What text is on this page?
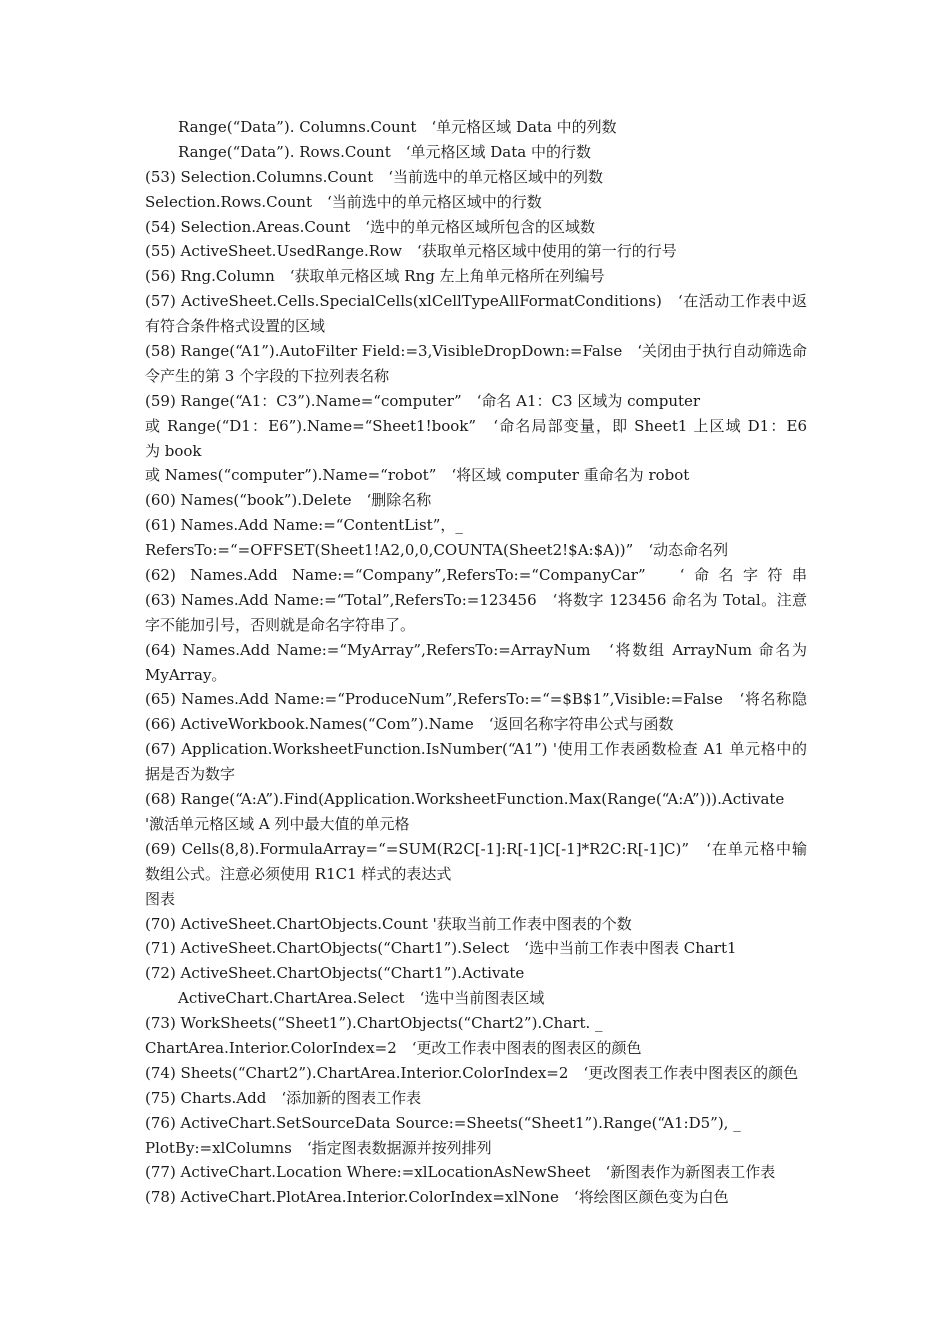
Range(“Data”). Columns.Count　‘单元格区域 Data 中的列数
Range(“Data”). Rows.Count　‘单元格区域 Data 中的行数
(53) Selection.Columns.Count　‘当前选中的单元格区域中的列数
Selection.Rows.Count　‘当前选中的单元格区域中的行数
(54) Selection.Areas.Count　‘选中的单元格区域所包含的区域数
(55) ActiveSheet.UsedRange.Row　‘获取单元格区域中使用的第一行的行号
(56) Rng.Column　‘获取单元格区域 Rng 左上角单元格所在列编号
(57) ActiveSheet.Cells.SpecialCells(xlCellTypeAllFormatConditions)　‘在活动工作表中返
有符合条件格式设置的区域
(58) Range(“A1”).AutoFilter Field:=3,VisibleDropDown:=False　‘关闭由于执行自动筛选命
令产生的第 3 个字段的下拉列表名称
(59) Range(“A1：C3”).Name=“computer”　‘命名 A1：C3 区域为 computer
或 Range(“D1：E6”).Name=“Sheet1!book”　‘命名局部变量，即 Sheet1 上区域 D1：E6
为 book
或 Names(“computer”).Name=“robot”　‘将区域 computer 重命名为 robot
(60) Names(“book”).Delete　‘删除名称
(61) Names.Add Name:=“ContentList”，_
RefersTo:=“=OFFSET(Sheet1!A2,0,0,COUNTA(Sheet2!$A:$A))”　‘动态命名列
(62) Names.Add Name:=“Company”,RefersTo:=“CompanyCar”　‘命名字符串
(63) Names.Add Name:=“Total”,RefersTo:=123456　‘将数字 123456 命名为 Total。注意
字不能加引号，否则就是命名字符串了。
(64) Names.Add Name:=“MyArray”,RefersTo:=ArrayNum　‘将数组 ArrayNum 命名为
MyArray。
(65) Names.Add Name:=“ProduceNum”,RefersTo:=“=$B$1”,Visible:=False　‘将名称隐
(66) ActiveWorkbook.Names(“Com”).Name　‘返回名称字符串公式与函数
(67) Application.WorksheetFunction.IsNumber(“A1”) '使用工作表函数检查 A1 单元格中的
据是否为数字
(68) Range(“A:A”).Find(Application.WorksheetFunction.Max(Range(“A:A”))).Activate
'激活单元格区域 A 列中最大值的单元格
(69) Cells(8,8).FormulaArray=“=SUM(R2C[-1]:R[-1]C[-1]*R2C:R[-1]C)”　‘在单元格中输
数组公式。注意必须使用 R1C1 样式的表达式
图表
(70) ActiveSheet.ChartObjects.Count '获取当前工作表中图表的个数
(71) ActiveSheet.ChartObjects(“Chart1”).Select　‘选中当前工作表中图表 Chart1
(72) ActiveSheet.ChartObjects(“Chart1”).Activate
ActiveChart.ChartArea.Select　‘选中当前图表区域
(73) WorkSheets(“Sheet1”).ChartObjects(“Chart2”).Chart. _
ChartArea.Interior.ColorIndex=2　‘更改工作表中图表的图表区的颜色
(74) Sheets(“Chart2”).ChartArea.Interior.ColorIndex=2　‘更改图表工作表中图表区的颜色
(75) Charts.Add　‘添加新的图表工作表
(76) ActiveChart.SetSourceData Source:=Sheets(“Sheet1”).Range(“A1:D5”), _
PlotBy:=xlColumns　‘指定图表数据源并按列排列
(77) ActiveChart.Location Where:=xlLocationAsNewSheet　‘新图表作为新图表工作表
(78) ActiveChart.PlotArea.Interior.ColorIndex=xlNone　‘将绘图区颜色变为白色
